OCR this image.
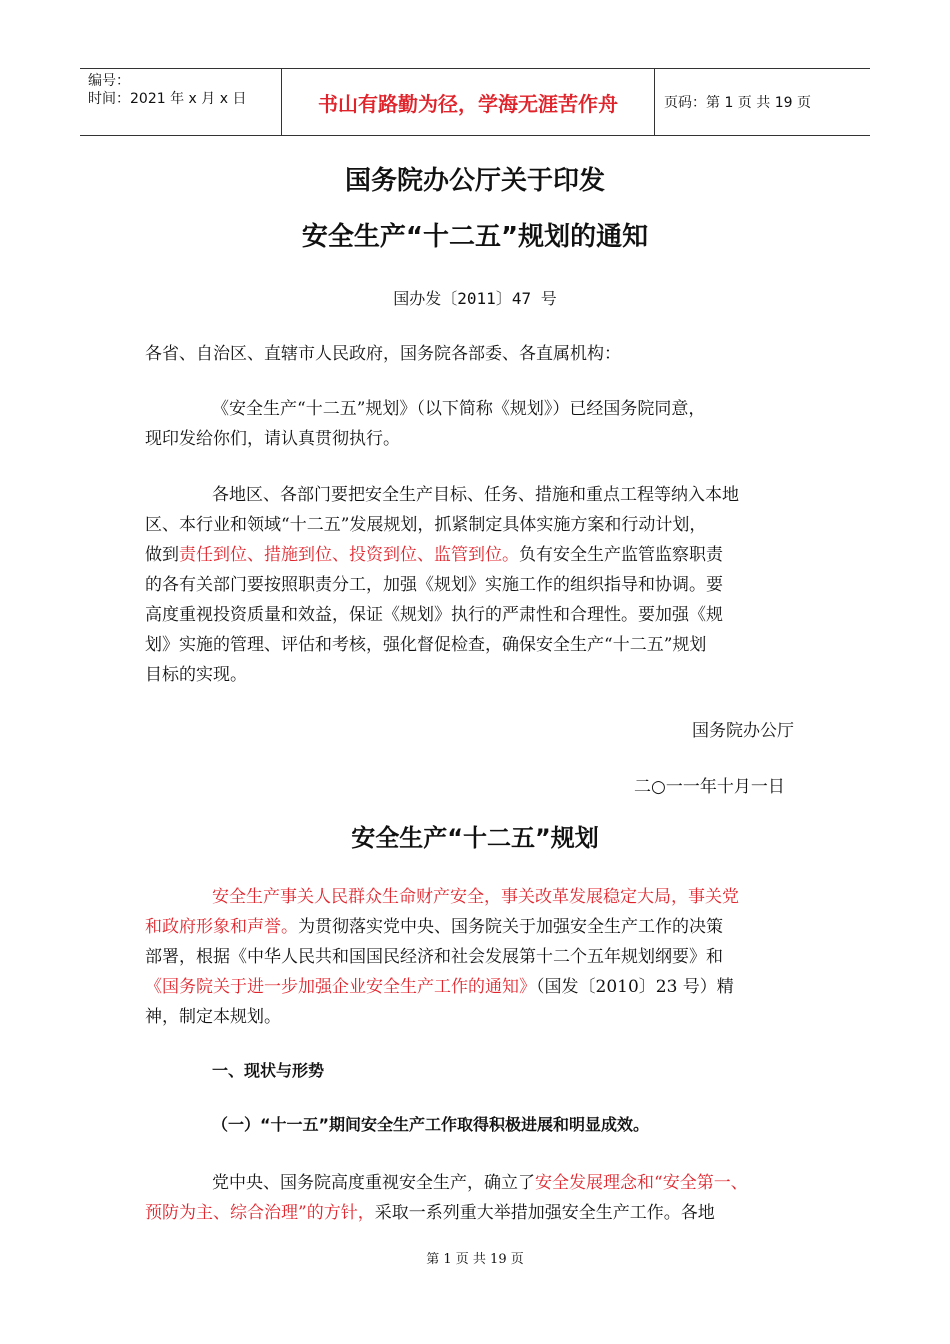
编号：
时间：2021 年 x 月 x 日	书山有路勤为径，学海无涯苦作舟	页码：第 1 页 共 19 页
国务院办公厅关于印发
安全生产“十二五”规划的通知
国办发〔2011〕47 号
各省、自治区、直辖市人民政府，国务院各部委、各直属机构：
《安全生产“十二五”规划》（以下简称《规划》）已经国务院同意，
现印发给你们，请认真贯彻执行。
各地区、各部门要把安全生产目标、任务、措施和重点工程等纳入本地
区、本行业和领域“十二五”发展规划，抓紧制定具体实施方案和行动计划，
做到责任到位、措施到位、投资到位、监管到位。负有安全生产监管监察职责
的各有关部门要按照职责分工，加强《规划》实施工作的组织指导和协调。要
高度重视投资质量和效益，保证《规划》执行的严肃性和合理性。要加强《规
划》实施的管理、评估和考核，强化督促检查，确保安全生产“十二五”规划
目标的实现。
国务院办公厅
二○一一年十月一日
安全生产“十二五”规划
安全生产事关人民群众生命财产安全，事关改革发展稳定大局，事关党
和政府形象和声誉。为贯彻落实党中央、国务院关于加强安全生产工作的决策
部署，根据《中华人民共和国国民经济和社会发展第十二个五年规划纲要》和
《国务院关于进一步加强企业安全生产工作的通知》（国发〔2010〕23 号）精
神，制定本规划。
一、现状与形势
（一）“十一五”期间安全生产工作取得积极进展和明显成效。
党中央、国务院高度重视安全生产，确立了安全发展理念和“安全第一、
预防为主、综合治理”的方针，采取一系列重大举措加强安全生产工作。各地
第 1 页 共 19 页
